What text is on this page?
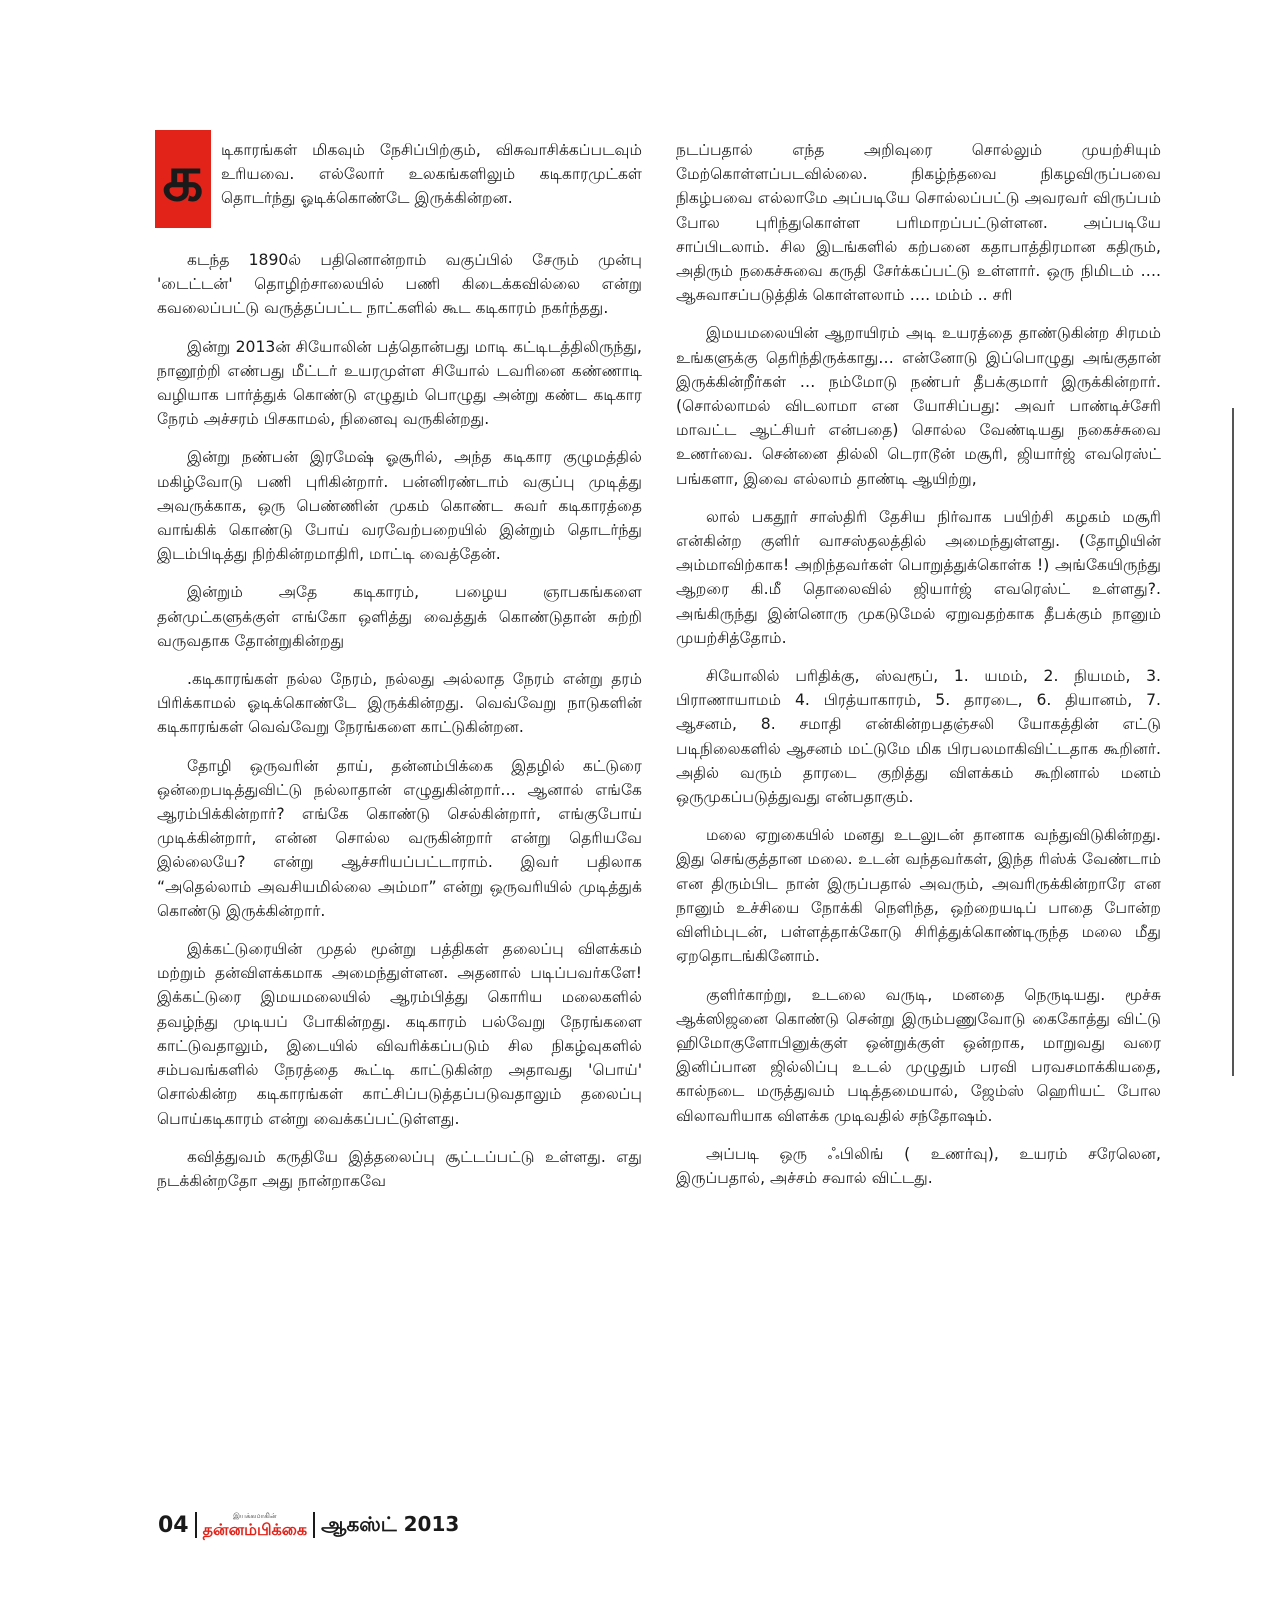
க	டிகாரங்கள் மிகவும் நேசிப்பிற்கும், விசுவாசிக்கப்படவும் உரியவை. எல்லோர் உலகங்களிலும் கடிகாரமுட்கள் தொடர்ந்து ஓடிக்கொண்டே இருக்கின்றன.

கடந்த 1890ல் பதினொன்றாம் வகுப்பில் சேரும் முன்பு 'டைட்டன்' தொழிற்சாலையில் பணி கிடைக்கவில்லை என்று கவலைப்பட்டு வருத்தப்பட்ட நாட்களில் கூட கடிகாரம் நகர்ந்தது.

இன்று 2013ன் சியோலின் பத்தொன்பது மாடி கட்டிடத்திலிருந்து, நானூற்றி எண்பது மீட்டர் உயரமுள்ள சியோல் டவரினை கண்ணாடி வழியாக பார்த்துக் கொண்டு எழுதும் பொழுது அன்று கண்ட கடிகார நேரம் அச்சரம் பிசகாமல், நினைவு வருகின்றது.

இன்று நண்பன் இரமேஷ் ஓசூரில், அந்த கடிகார குழுமத்தில் மகிழ்வோடு பணி புரிகின்றார். பன்னிரண்டாம் வகுப்பு முடித்து அவருக்காக, ஒரு பெண்ணின் முகம் கொண்ட சுவர் கடிகாரத்தை வாங்கிக் கொண்டு போய் வரவேற்பறையில் இன்றும் தொடர்ந்து இடம்பிடித்து நிற்கின்றமாதிரி, மாட்டி வைத்தேன்.

இன்றும் அதே கடிகாரம், பழைய ஞாபகங்களை தன்முட்களுக்குள் எங்கோ ஒளித்து வைத்துக் கொண்டுதான் சுற்றி வருவதாக தோன்றுகின்றது

.கடிகாரங்கள் நல்ல நேரம், நல்லது அல்லாத நேரம் என்று தரம் பிரிக்காமல் ஓடிக்கொண்டே இருக்கின்றது. வெவ்வேறு நாடுகளின் கடிகாரங்கள் வெவ்வேறு நேரங்களை காட்டுகின்றன.

தோழி ஒருவரின் தாய், தன்னம்பிக்கை இதழில் கட்டுரை ஒன்றைபடித்துவிட்டு நல்லாதான் எழுதுகின்றார்… ஆனால் எங்கே ஆரம்பிக்கின்றார்? எங்கே கொண்டு செல்கின்றார், எங்குபோய் முடிக்கின்றார், என்ன சொல்ல வருகின்றார் என்று தெரியவே இல்லையே? என்று ஆச்சரியப்பட்டாராம். இவர் பதிலாக “அதெல்லாம் அவசியமில்லை அம்மா” என்று ஒருவரியில் முடித்துக் கொண்டு இருக்கின்றார்.

இக்கட்டுரையின் முதல் மூன்று பத்திகள் தலைப்பு விளக்கம் மற்றும் தன்விளக்கமாக அமைந்துள்ளன. அதனால் படிப்பவர்களே! இக்கட்டுரை இமயமலையில் ஆரம்பித்து கொரிய மலைகளில் தவழ்ந்து முடியப் போகின்றது. கடிகாரம் பல்வேறு நேரங்களை காட்டுவதாலும், இடையில் விவரிக்கப்படும் சில நிகழ்வுகளில் சம்பவங்களில் நேரத்தை கூட்டி காட்டுகின்ற அதாவது 'பொய்' சொல்கின்ற கடிகாரங்கள் காட்சிப்படுத்தப்படுவதாலும் தலைப்பு பொய்கடிகாரம் என்று வைக்கப்பட்டுள்ளது.

கவித்துவம் கருதியே இத்தலைப்பு சூட்டப்பட்டு உள்ளது. எது நடக்கின்றதோ அது நான்றாகவே

நடப்பதால் எந்த அறிவுரை சொல்லும் முயற்சியும் மேற்கொள்ளப்படவில்லை. நிகழ்ந்தவை நிகழவிருப்பவை நிகழ்பவை எல்லாமே அப்படியே சொல்லப்பட்டு அவரவர் விருப்பம் போல புரிந்துகொள்ள பரிமாறப்பட்டுள்ளன. அப்படியே சாப்பிடலாம். சில இடங்களில் கற்பனை கதாபாத்திரமான கதிரும், அதிரும் நகைச்சுவை கருதி சேர்க்கப்பட்டு உள்ளார். ஒரு நிமிடம் …. ஆசுவாசப்படுத்திக் கொள்ளலாம் …. மம்ம் .. சரி

இமயமலையின் ஆறாயிரம் அடி உயரத்தை தாண்டுகின்ற சிரமம் உங்களுக்கு தெரிந்திருக்காது… என்னோடு இப்பொழுது அங்குதான் இருக்கின்றீர்கள் … நம்மோடு நண்பர் தீபக்குமார் இருக்கின்றார். (சொல்லாமல் விடலாமா என யோசிப்பது: அவர் பாண்டிச்சேரி மாவட்ட ஆட்சியர் என்பதை) சொல்ல வேண்டியது நகைச்சுவை உணர்வை. சென்னை தில்லி டெராடூன் மசூரி, ஜியார்ஜ் எவரெஸ்ட் பங்களா, இவை எல்லாம் தாண்டி ஆயிற்று,

லால் பகதூர் சாஸ்திரி தேசிய நிர்வாக பயிற்சி கழகம் மசூரி என்கின்ற குளிர் வாசஸ்தலத்தில் அமைந்துள்ளது. (தோழியின் அம்மாவிற்காக! அறிந்தவர்கள் பொறுத்துக்கொள்க !) அங்கேயிருந்து ஆறரை கி.மீ தொலைவில் ஜியார்ஜ் எவரெஸ்ட் உள்ளது?. அங்கிருந்து இன்னொரு முகடுமேல் ஏறுவதற்காக தீபக்கும் நானும் முயற்சித்தோம்.

சியோலில் பரிதிக்கு, ஸ்வரூப், 1. யமம், 2. நியமம், 3. பிராணாயாமம் 4. பிரத்யாகாரம், 5. தாரடை, 6. தியானம், 7. ஆசனம், 8. சமாதி என்கின்றபதஞ்சலி யோகத்தின் எட்டு படிநிலைகளில் ஆசனம் மட்டுமே மிக பிரபலமாகிவிட்டதாக கூறினர். அதில் வரும் தாரடை குறித்து விளக்கம் கூறினால் மனம் ஒருமுகப்படுத்துவது என்பதாகும்.

மலை ஏறுகையில் மனது உடலுடன் தானாக வந்துவிடுகின்றது. இது செங்குத்தான மலை. உடன் வந்தவர்கள், இந்த ரிஸ்க் வேண்டாம் என திரும்பிட நான் இருப்பதால் அவரும், அவரிருக்கின்றாரே என நானும் உச்சியை நோக்கி நெளிந்த, ஒற்றையடிப் பாதை போன்ற விளிம்புடன், பள்ளத்தாக்கோடு சிரித்துக்கொண்டிருந்த மலை மீது ஏறதொடங்கினோம்.

குளிர்காற்று, உடலை வருடி, மனதை நெருடியது. மூச்சு ஆக்ஸிஜனை கொண்டு சென்று இரும்பணுவோடு கைகோத்து விட்டு ஹிமோகுளோபினுக்குள் ஒன்றுக்குள் ஒன்றாக, மாறுவது வரை இனிப்பான ஜில்லிப்பு உடல் முழுதும் பரவி பரவசமாக்கியதை, கால்நடை மருத்துவம் படித்தமையால், ஜேம்ஸ் ஹெரியட் போல விலாவரியாக விளக்க முடிவதில் சந்தோஷம்.

அப்படி ஒரு ஃபிலிங் ( உணர்வு), உயரம் சரேலென, இருப்பதால், அச்சம் சவால் விட்டது.

04	இயக்கமாகின்
தன்னம்பிக்கை ஆகஸ்ட் 2013
